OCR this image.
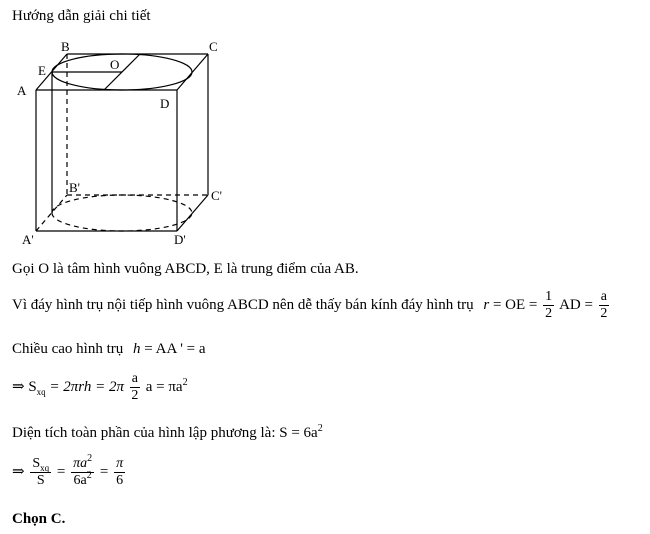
Hướng dẫn giải chi tiết
A
B	C
D
E	O
A'
B'
C'
D'
Gọi O là tâm hình vuông ABCD, E là trung điểm của AB.
Vì đáy hình trụ nội tiếp hình vuông ABCD nên dễ thấy bán kính đáy hình trụ r = OE = $\frac{1}{2}$ AD = $\frac{a}{2}$
Chiều cao hình trụ h = AA ' = a
⇒ $S_{xq} = 2\pi rh = 2\pi \frac{a}{2}$ $a = \pi a^2$
Diện tích toàn phần của hình lập phương là: $S = 6a^2$
⇒ $\frac{S_{xq}}{S} = \frac{\pi a^2}{6a^2} = \frac{\pi}{6}$
Chọn C.
